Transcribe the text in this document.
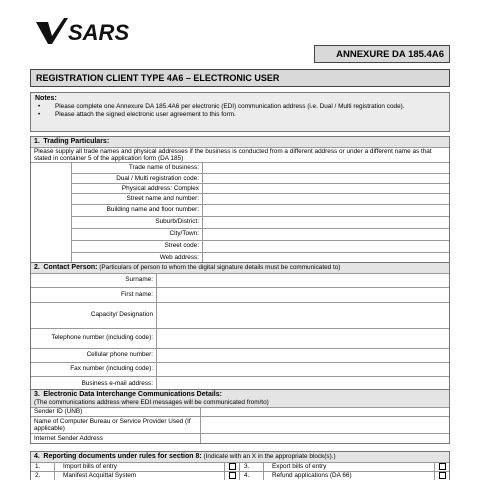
SARS
ANNEXURE DA 185.4A6
REGISTRATION CLIENT TYPE 4A6 – ELECTRONIC USER
Notes:
• Please complete one Annexure DA 185.4A6 per electronic (EDI) communication address (i.e. Dual / Multi registration code).
• Please attach the signed electronic user agreement to this form.
1. Trading Particulars:
Please supply all trade names and physical addresses if the business is conducted from a different address or under a different name as that stated in container 5 of the application form (DA 185)
Trade name of business:
Dual / Multi registration code:
Physical address: Complex
Street name and number:
Building name and floor number:
Suburb/District:
City/Town:
Street code:
Web address:
2. Contact Person: (Particulars of person to whom the digital signature details must be communicated to)
Surname:
First name:
Capacity/ Designation
Telephone number (including code):
Cellular phone number:
Fax number (including code):
Business e-mail address:
3. Electronic Data Interchange Communications Details:
(The communications address where EDI messages will be communicated from/to)
Sender ID (UNB)
Name of Computer Bureau or Service Provider Used (If applicable)
Internet Sender Address
4. Reporting documents under rules for section 8: (Indicate with an X in the appropriate block(s).)
1.	Import bills of entry	3.	Export bills of entry
2.	Manifest Acquittal System	4.	Refund applications (DA 66)
